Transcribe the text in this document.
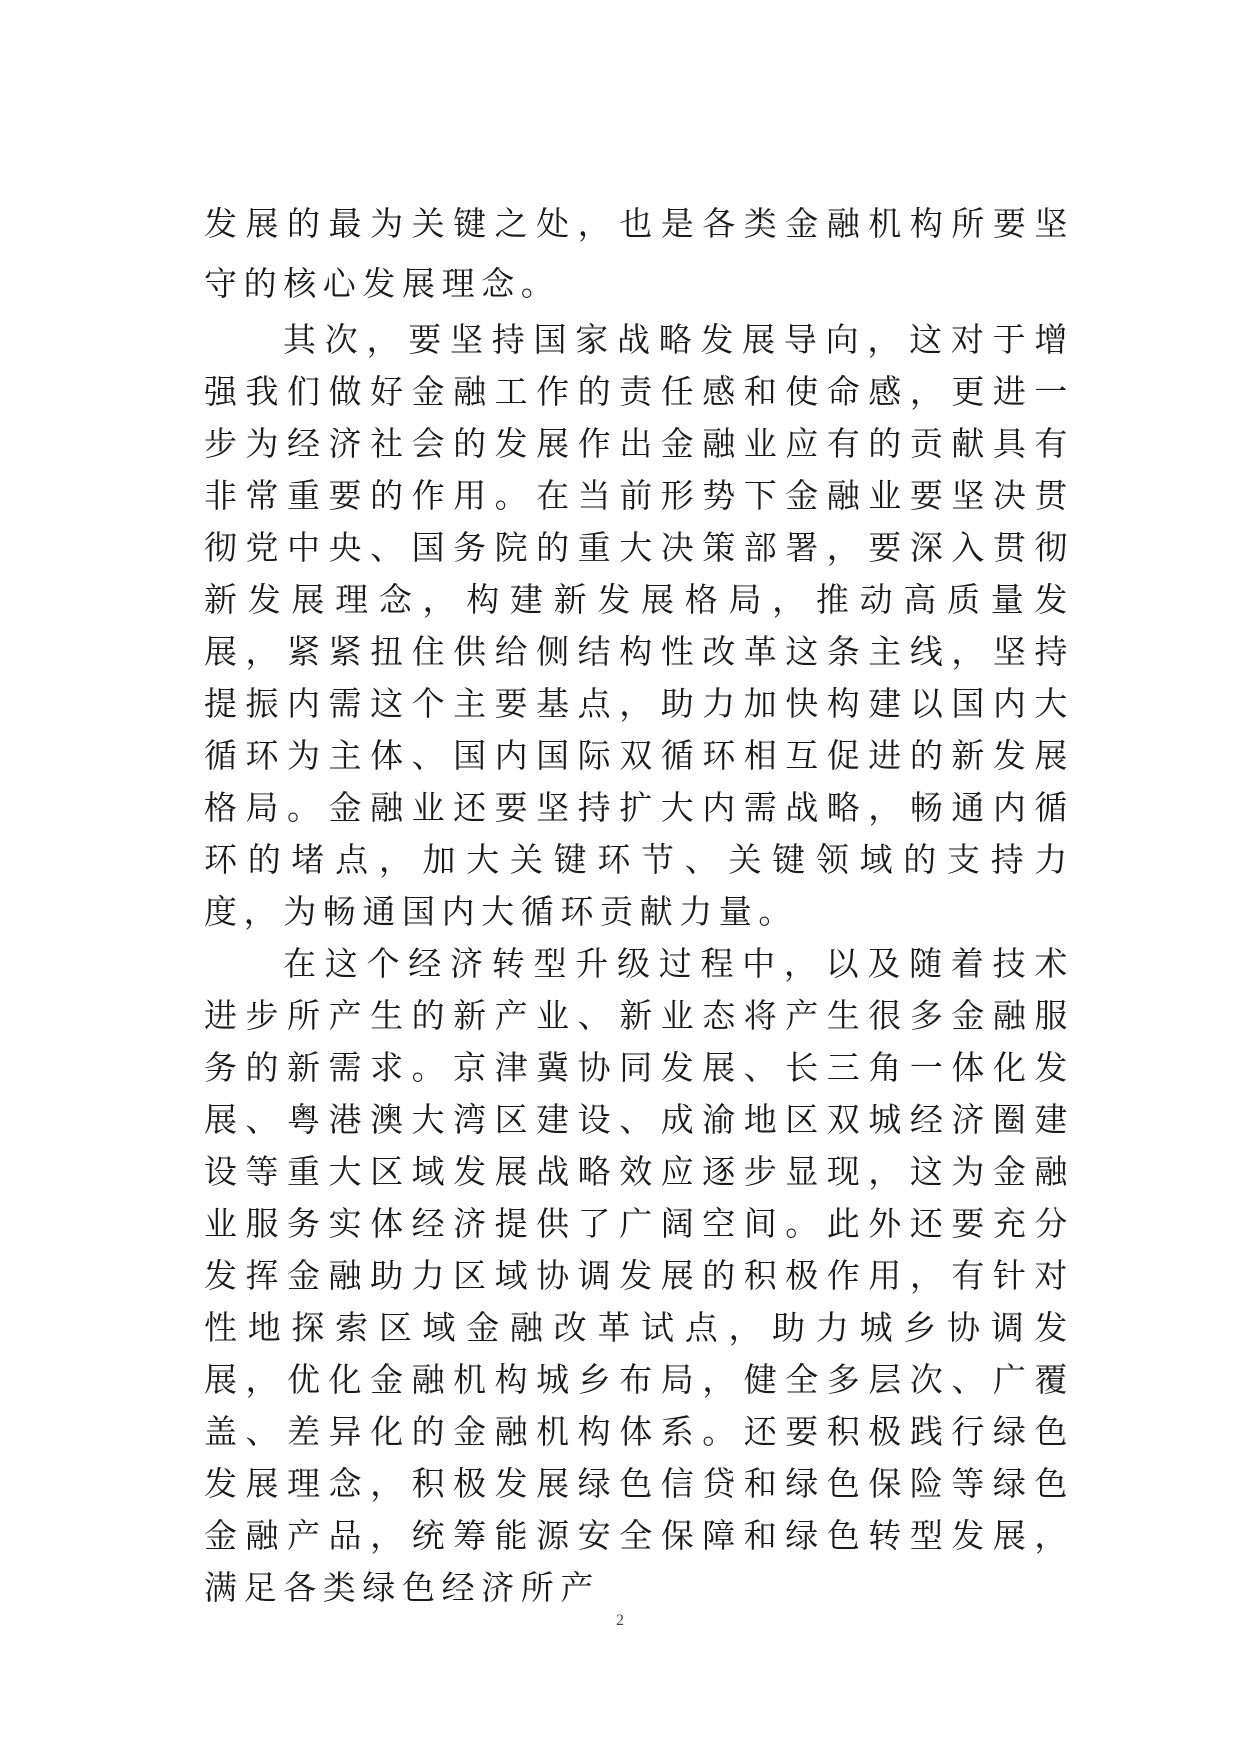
发展的最为关键之处，也是各类金融机构所要坚守的核心发展理念。

其次，要坚持国家战略发展导向，这对于增强我们做好金融工作的责任感和使命感，更进一步为经济社会的发展作出金融业应有的贡献具有非常重要的作用。在当前形势下金融业要坚决贯彻党中央、国务院的重大决策部署，要深入贯彻新发展理念，构建新发展格局，推动高质量发展，紧紧扭住供给侧结构性改革这条主线，坚持提振内需这个主要基点，助力加快构建以国内大循环为主体、国内国际双循环相互促进的新发展格局。金融业还要坚持扩大内需战略，畅通内循环的堵点，加大关键环节、关键领域的支持力度，为畅通国内大循环贡献力量。

在这个经济转型升级过程中，以及随着技术进步所产生的新产业、新业态将产生很多金融服务的新需求。京津冀协同发展、长三角一体化发展、粤港澳大湾区建设、成渝地区双城经济圈建设等重大区域发展战略效应逐步显现，这为金融业服务实体经济提供了广阔空间。此外还要充分发挥金融助力区域协调发展的积极作用，有针对性地探索区域金融改革试点，助力城乡协调发展，优化金融机构城乡布局，健全多层次、广覆盖、差异化的金融机构体系。还要积极践行绿色发展理念，积极发展绿色信贷和绿色保险等绿色金融产品，统筹能源安全保障和绿色转型发展，满足各类绿色经济所产

2
